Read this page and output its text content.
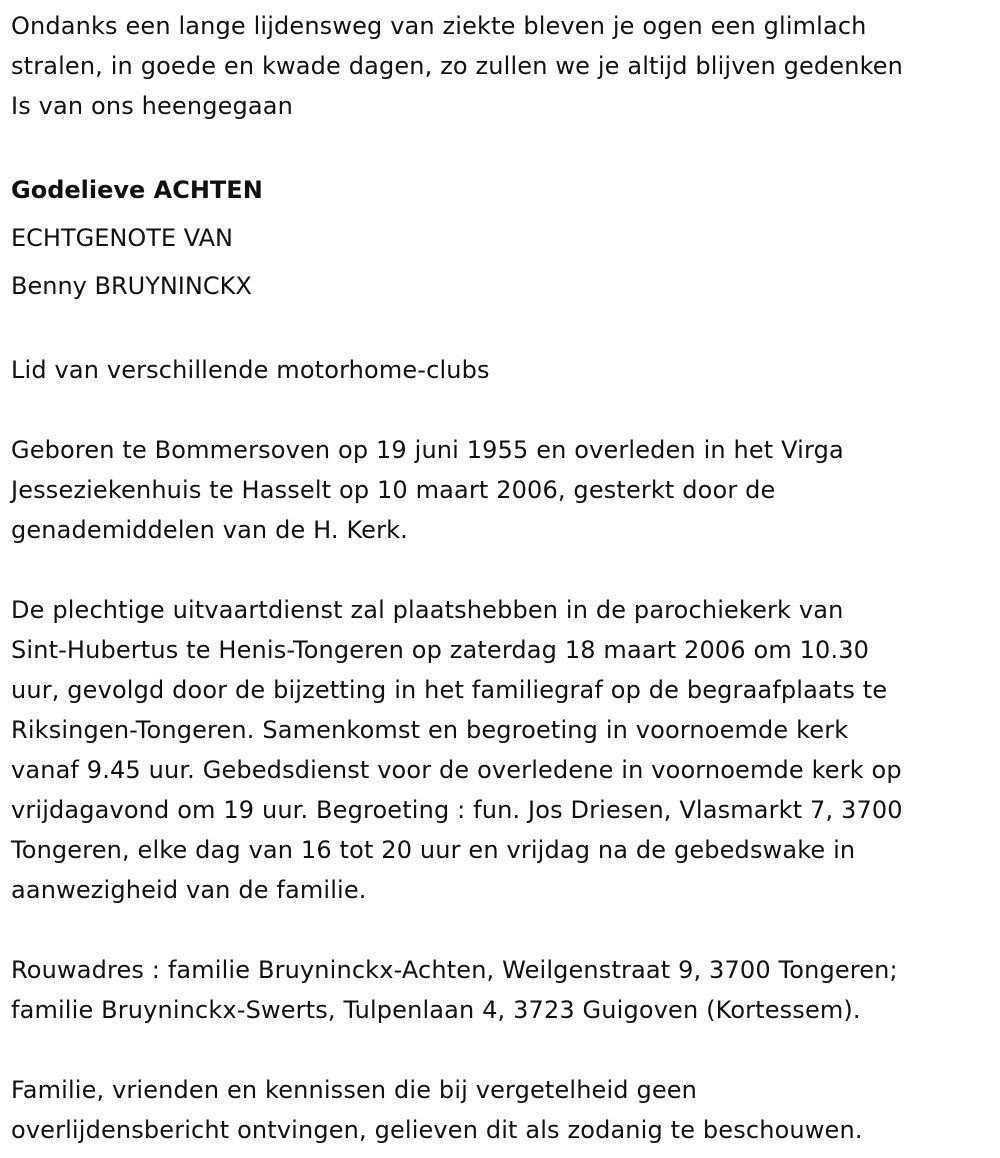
Ondanks een lange lijdensweg van ziekte bleven je ogen een glimlach
stralen, in goede en kwade dagen, zo zullen we je altijd blijven gedenken
Is van ons heengegaan

Godelieve ACHTEN

ECHTGENOTE VAN

Benny BRUYNINCKX

Lid van verschillende motorhome-clubs

Geboren te Bommersoven op 19 juni 1955 en overleden in het Virga
Jesseziekenhuis te Hasselt op 10 maart 2006, gesterkt door de
genademiddelen van de H. Kerk.

De plechtige uitvaartdienst zal plaatshebben in de parochiekerk van
Sint-Hubertus te Henis-Tongeren op zaterdag 18 maart 2006 om 10.30
uur, gevolgd door de bijzetting in het familiegraf op de begraafplaats te
Riksingen-Tongeren. Samenkomst en begroeting in voornoemde kerk
vanaf 9.45 uur. Gebedsdienst voor de overledene in voornoemde kerk op
vrijdagavond om 19 uur. Begroeting : fun. Jos Driesen, Vlasmarkt 7, 3700
Tongeren, elke dag van 16 tot 20 uur en vrijdag na de gebedswake in
aanwezigheid van de familie.

Rouwadres : familie Bruyninckx-Achten, Weilgenstraat 9, 3700 Tongeren;
familie Bruyninckx-Swerts, Tulpenlaan 4, 3723 Guigoven (Kortessem).

Familie, vrienden en kennissen die bij vergetelheid geen
overlijdensbericht ontvingen, gelieven dit als zodanig te beschouwen.
